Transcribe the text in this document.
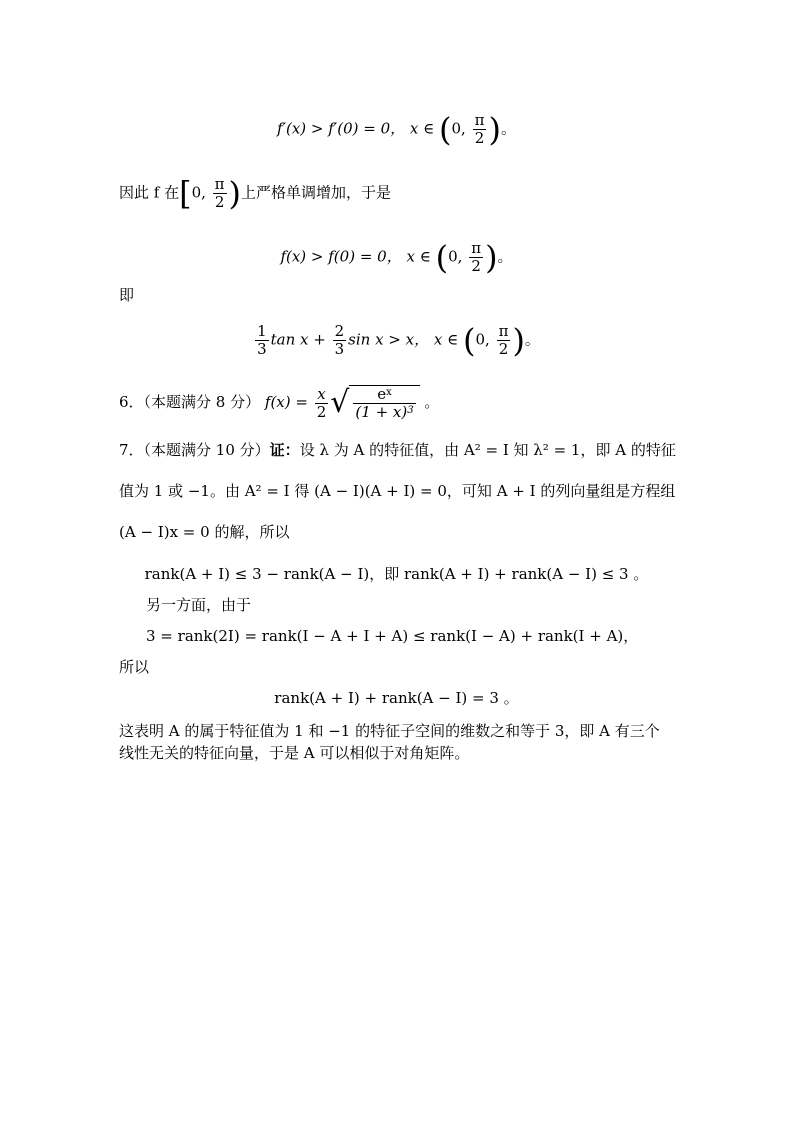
f′(x) > f′(0) = 0， x ∈ (0, $\frac{\pi}{2}$ )。
因此 f 在[0, $\frac{\pi}{2}$ )上严格单调增加，于是
f(x) > f(0) = 0， x ∈ (0, $\frac{\pi}{2}$ )。
即
$\frac{1}{3}$ $\tan x + \frac{2}{3}$ sin x > x， x ∈ (0, $\frac{\pi}{2}$ )。
6．（本题满分 8 分） $f(x) = \frac{x}{2}$ √ $\frac{e^x}{(1 + x)^3}$ 。
7．（本题满分 10 分）证：设 λ 为 A 的特征值，由 A² = I 知 λ² = 1，即 A 的特征
值为 1 或 −1。由 A² = I 得 (A − I)(A + I) = 0，可知 A + I 的列向量组是方程组
(A − I)x = 0 的解，所以
rank(A + I) ≤ 3 − rank(A − I)，即 rank(A + I) + rank(A − I) ≤ 3 。
另一方面，由于
3 = rank(2I) = rank(I − A + I + A) ≤ rank(I − A) + rank(I + A)，
所以
rank(A + I) + rank(A − I) = 3 。
这表明 A 的属于特征值为 1 和 −1 的特征子空间的维数之和等于 3，即 A 有三个
线性无关的特征向量，于是 A 可以相似于对角矩阵。
